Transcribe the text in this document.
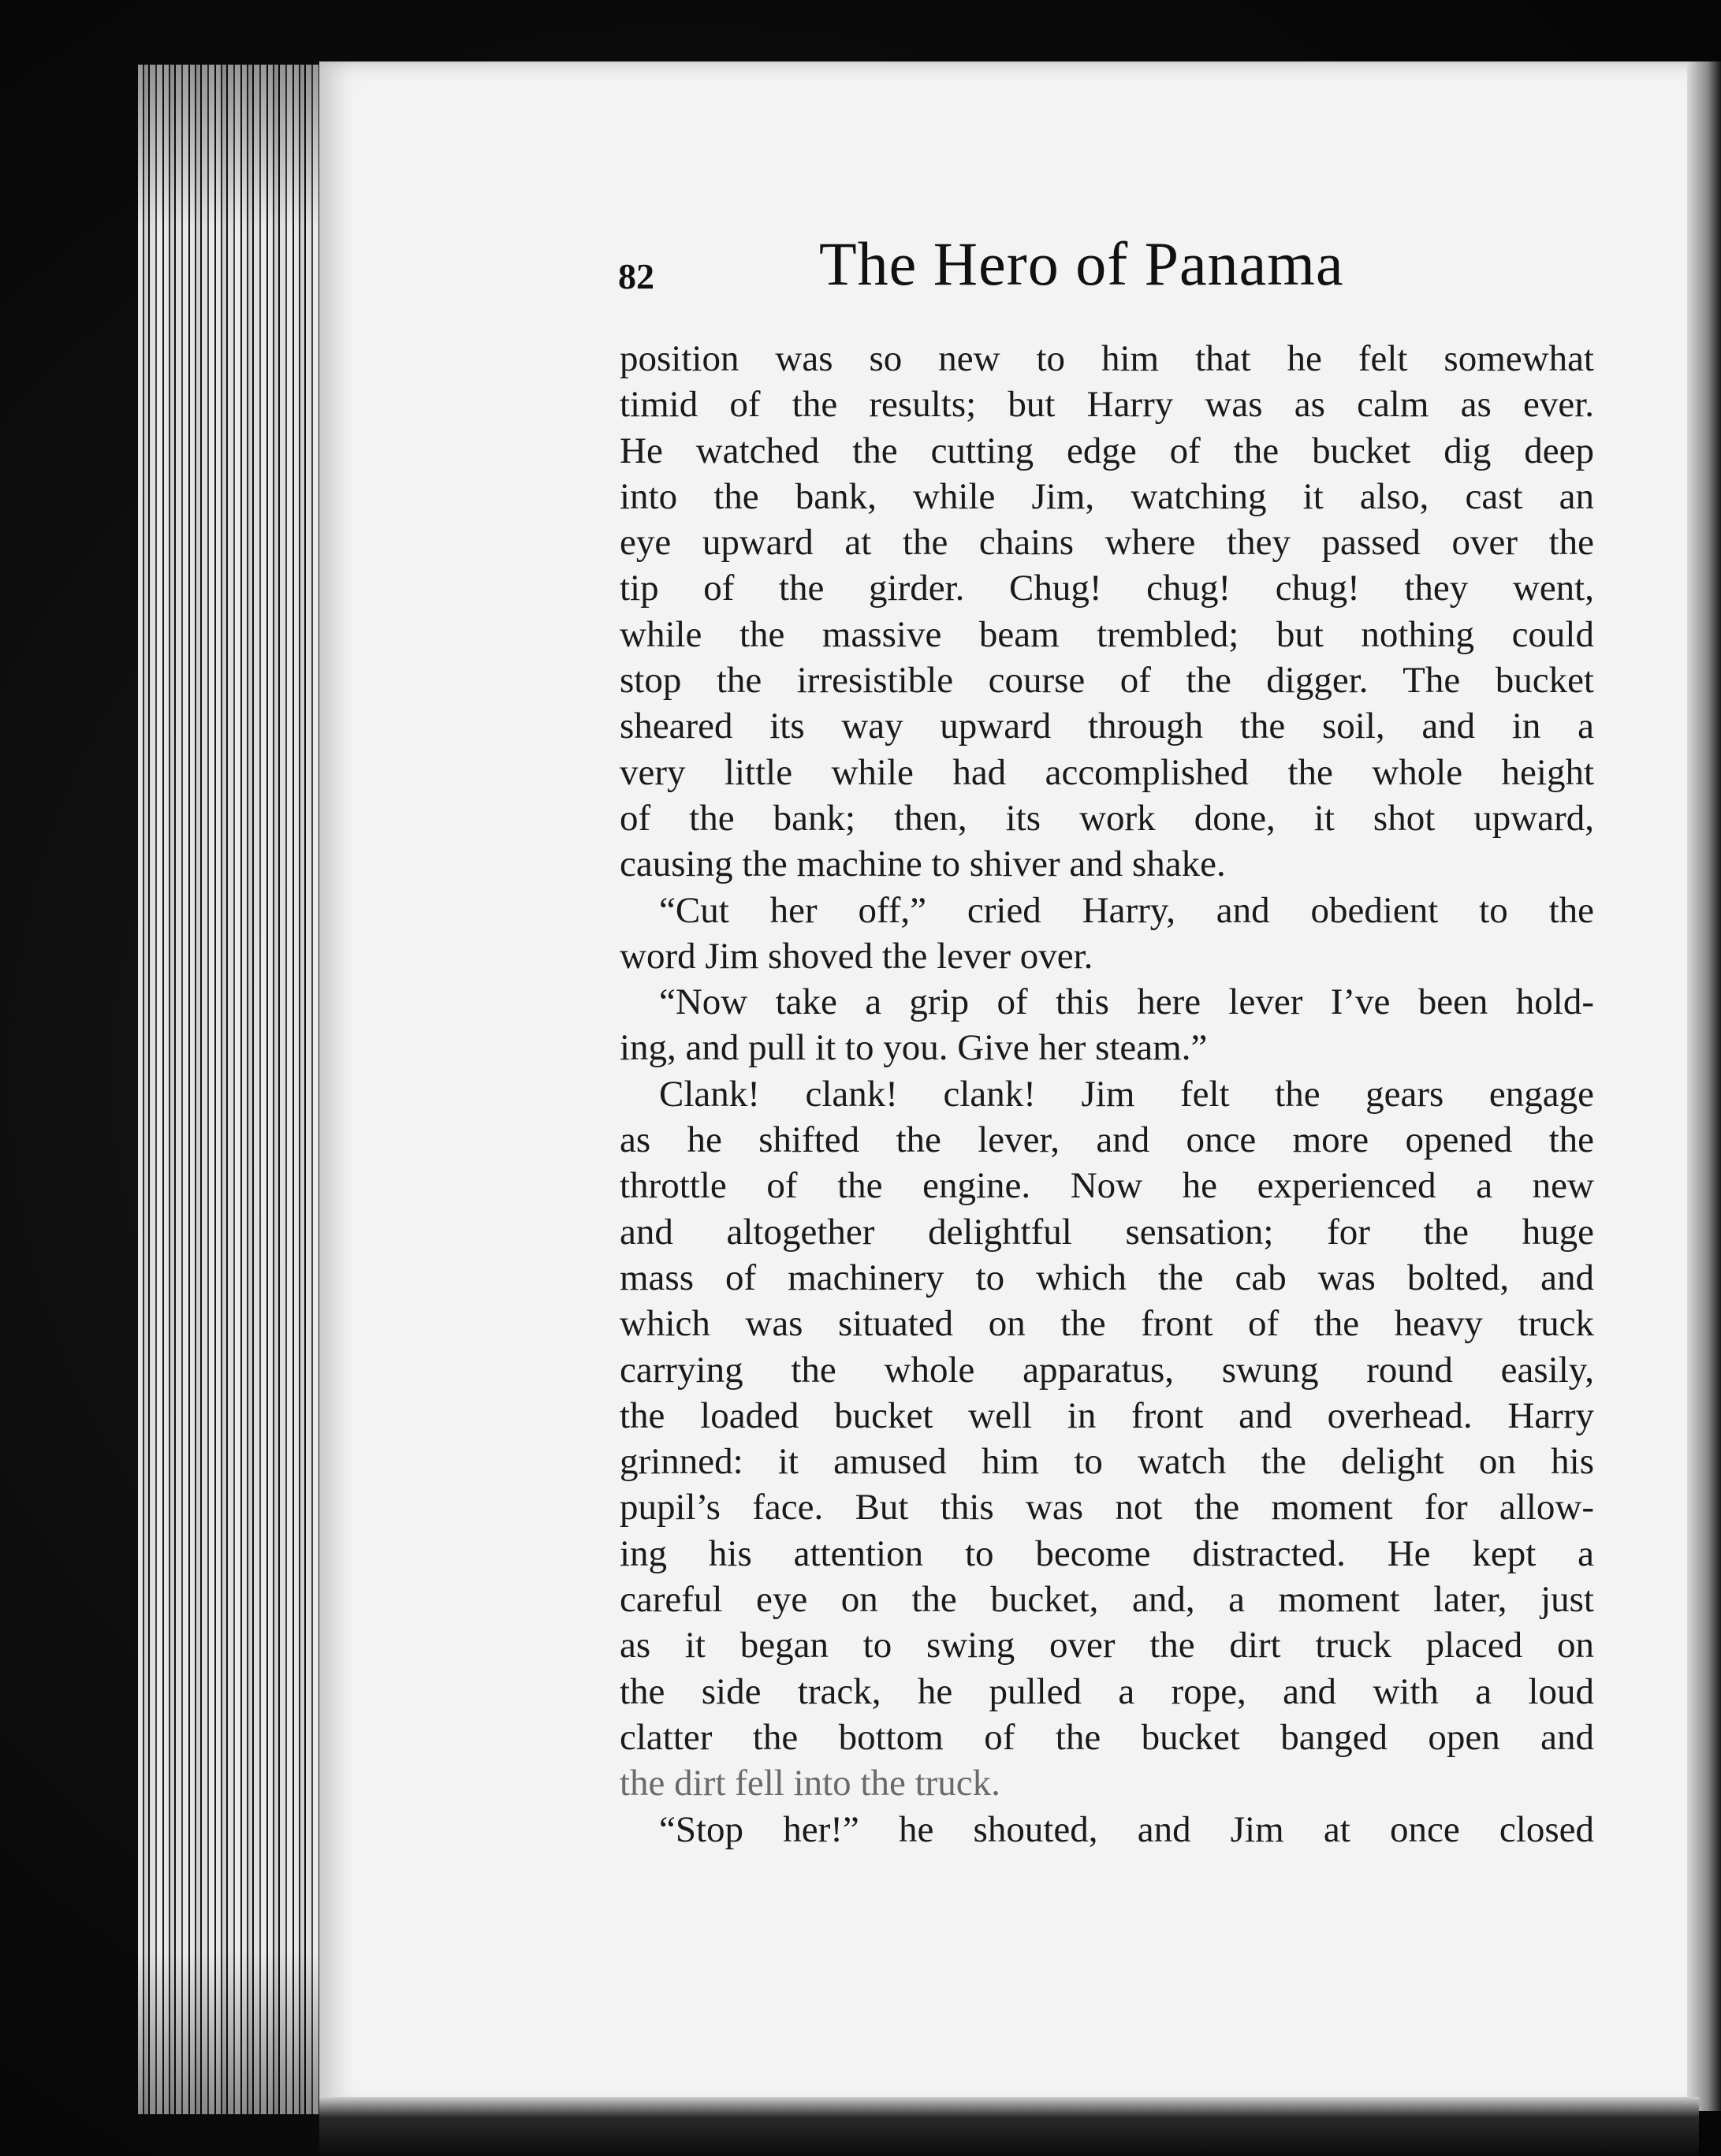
82	The Hero of Panama
position was so new to him that he felt somewhat
timid of the results; but Harry was as calm as ever.
He watched the cutting edge of the bucket dig deep
into the bank, while Jim, watching it also, cast an
eye upward at the chains where they passed over the
tip of the girder. Chug! chug! chug! they went,
while the massive beam trembled; but nothing could
stop the irresistible course of the digger. The bucket
sheared its way upward through the soil, and in a
very little while had accomplished the whole height
of the bank; then, its work done, it shot upward,
causing the machine to shiver and shake.
“Cut her off,” cried Harry, and obedient to the
word Jim shoved the lever over.
“Now take a grip of this here lever I’ve been hold-
ing, and pull it to you. Give her steam.”
Clank! clank! clank! Jim felt the gears engage
as he shifted the lever, and once more opened the
throttle of the engine. Now he experienced a new
and altogether delightful sensation; for the huge
mass of machinery to which the cab was bolted, and
which was situated on the front of the heavy truck
carrying the whole apparatus, swung round easily,
the loaded bucket well in front and overhead. Harry
grinned: it amused him to watch the delight on his
pupil’s face. But this was not the moment for allow-
ing his attention to become distracted. He kept a
careful eye on the bucket, and, a moment later, just
as it began to swing over the dirt truck placed on
the side track, he pulled a rope, and with a loud
clatter the bottom of the bucket banged open and
the dirt fell into the truck.
“Stop her!” he shouted, and Jim at once closed
